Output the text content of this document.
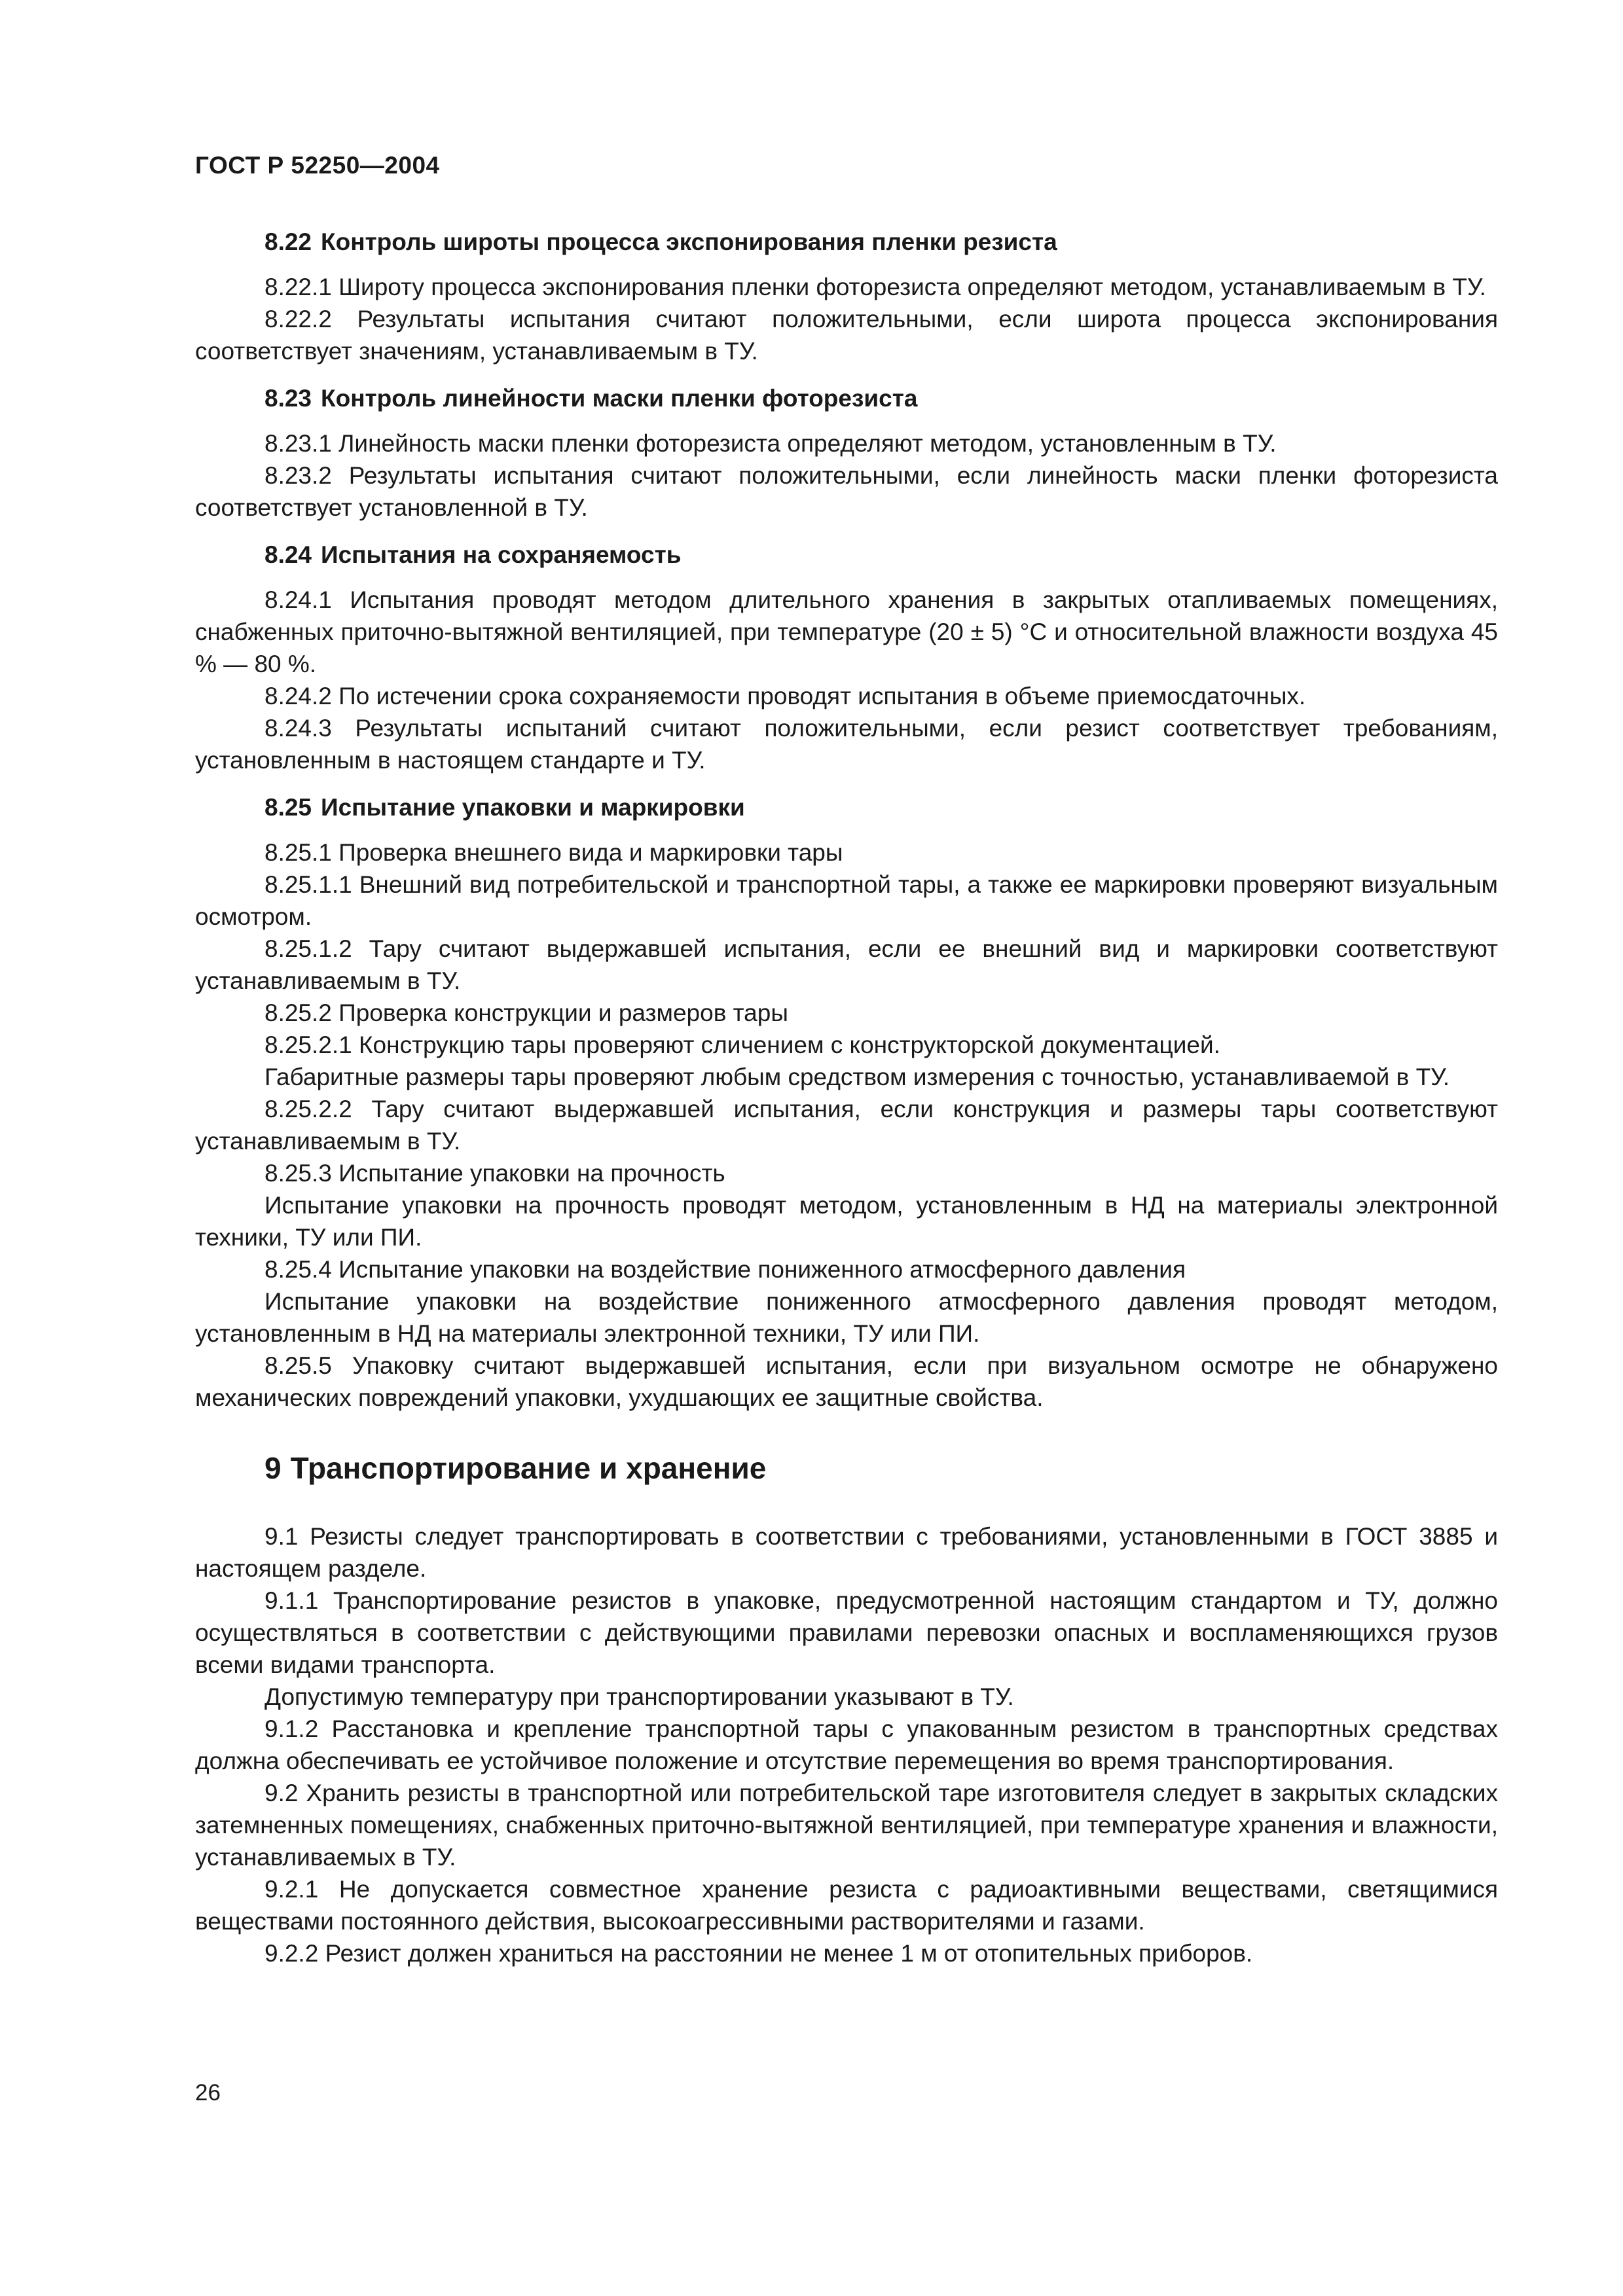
ГОСТ Р 52250—2004
8.22 Контроль широты процесса экспонирования пленки резиста

8.22.1 Широту процесса экспонирования пленки фоторезиста определяют методом, устанавливаемым в ТУ.

8.22.2 Результаты испытания считают положительными, если широта процесса экспонирования соответствует значениям, устанавливаемым в ТУ.

8.23 Контроль линейности маски пленки фоторезиста

8.23.1 Линейность маски пленки фоторезиста определяют методом, установленным в ТУ.

8.23.2 Результаты испытания считают положительными, если линейность маски пленки фоторезиста соответствует установленной в ТУ.

8.24 Испытания на сохраняемость

8.24.1 Испытания проводят методом длительного хранения в закрытых отапливаемых помещениях, снабженных приточно-вытяжной вентиляцией, при температуре (20 ± 5) °С и относительной влажности воздуха 45 % — 80 %.

8.24.2 По истечении срока сохраняемости проводят испытания в объеме приемосдаточных.

8.24.3 Результаты испытаний считают положительными, если резист соответствует требованиям, установленным в настоящем стандарте и ТУ.

8.25 Испытание упаковки и маркировки

8.25.1 Проверка внешнего вида и маркировки тары

8.25.1.1 Внешний вид потребительской и транспортной тары, а также ее маркировки проверяют визуальным осмотром.

8.25.1.2 Тару считают выдержавшей испытания, если ее внешний вид и маркировки соответствуют устанавливаемым в ТУ.

8.25.2 Проверка конструкции и размеров тары

8.25.2.1 Конструкцию тары проверяют сличением с конструкторской документацией.

Габаритные размеры тары проверяют любым средством измерения с точностью, устанавливаемой в ТУ.

8.25.2.2 Тару считают выдержавшей испытания, если конструкция и размеры тары соответствуют устанавливаемым в ТУ.

8.25.3 Испытание упаковки на прочность

Испытание упаковки на прочность проводят методом, установленным в НД на материалы электронной техники, ТУ или ПИ.

8.25.4 Испытание упаковки на воздействие пониженного атмосферного давления

Испытание упаковки на воздействие пониженного атмосферного давления проводят методом, установленным в НД на материалы электронной техники, ТУ или ПИ.

8.25.5 Упаковку считают выдержавшей испытания, если при визуальном осмотре не обнаружено механических повреждений упаковки, ухудшающих ее защитные свойства.

9 Транспортирование и хранение

9.1 Резисты следует транспортировать в соответствии с требованиями, установленными в ГОСТ 3885 и настоящем разделе.

9.1.1 Транспортирование резистов в упаковке, предусмотренной настоящим стандартом и ТУ, должно осуществляться в соответствии с действующими правилами перевозки опасных и воспламеняющихся грузов всеми видами транспорта.

Допустимую температуру при транспортировании указывают в ТУ.

9.1.2 Расстановка и крепление транспортной тары с упакованным резистом в транспортных средствах должна обеспечивать ее устойчивое положение и отсутствие перемещения во время транспортирования.

9.2 Хранить резисты в транспортной или потребительской таре изготовителя следует в закрытых складских затемненных помещениях, снабженных приточно-вытяжной вентиляцией, при температуре хранения и влажности, устанавливаемых в ТУ.

9.2.1 Не допускается совместное хранение резиста с радиоактивными веществами, светящимися веществами постоянного действия, высокоагрессивными растворителями и газами.

9.2.2 Резист должен храниться на расстоянии не менее 1 м от отопительных приборов.

26
